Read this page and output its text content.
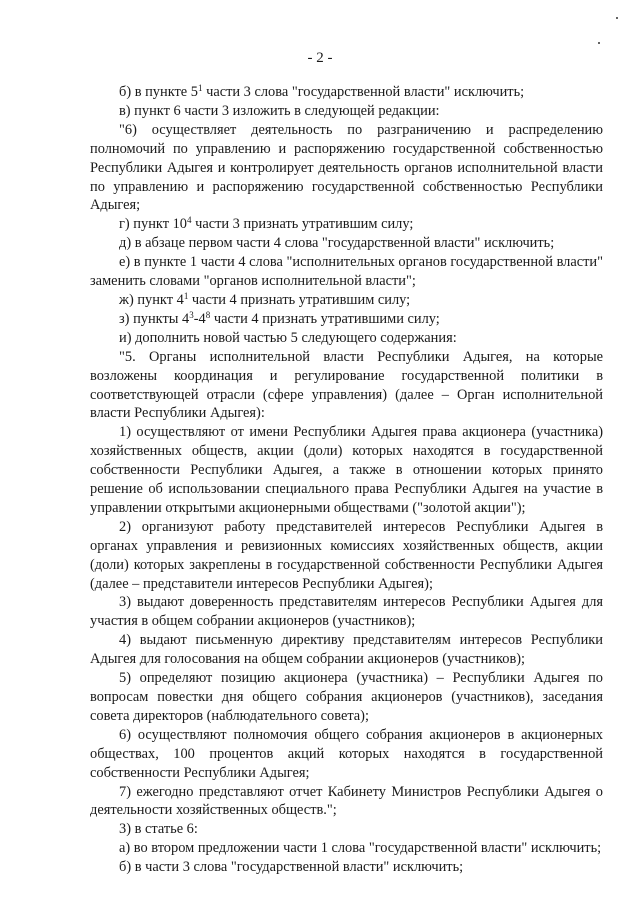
- 2 -

б) в пункте $5^1$ части 3 слова "государственной власти" исключить;

в) пункт 6 части 3 изложить в следующей редакции:

"6) осуществляет деятельность по разграничению и распределению полномочий по управлению и распоряжению государственной собственностью Республики Адыгея и контролирует деятельность органов исполнительной власти по управлению и распоряжению государственной собственностью Республики Адыгея;

г) пункт $10^4$ части 3 признать утратившим силу;

д) в абзаце первом части 4 слова "государственной власти" исключить;

е) в пункте 1 части 4 слова "исполнительных органов государственной власти" заменить словами "органов исполнительной власти";

ж) пункт $4^1$ части 4 признать утратившим силу;

з) пункты $4^3-4^8$ части 4 признать утратившими силу;

и) дополнить новой частью 5 следующего содержания:

"5. Органы исполнительной власти Республики Адыгея, на которые возложены координация и регулирование государственной политики в соответствующей отрасли (сфере управления) (далее – Орган исполнительной власти Республики Адыгея):

1) осуществляют от имени Республики Адыгея права акционера (участника) хозяйственных обществ, акции (доли) которых находятся в государственной собственности Республики Адыгея, а также в отношении которых принято решение об использовании специального права Республики Адыгея на участие в управлении открытыми акционерными обществами ("золотой акции");

2) организуют работу представителей интересов Республики Адыгея в органах управления и ревизионных комиссиях хозяйственных обществ, акции (доли) которых закреплены в государственной собственности Республики Адыгея (далее – представители интересов Республики Адыгея);

3) выдают доверенность представителям интересов Республики Адыгея для участия в общем собрании акционеров (участников);

4) выдают письменную директиву представителям интересов Республики Адыгея для голосования на общем собрании акционеров (участников);

5) определяют позицию акционера (участника) – Республики Адыгея по вопросам повестки дня общего собрания акционеров (участников), заседания совета директоров (наблюдательного совета);

6) осуществляют полномочия общего собрания акционеров в акционерных обществах, 100 процентов акций которых находятся в государственной собственности Республики Адыгея;

7) ежегодно представляют отчет Кабинету Министров Республики Адыгея о деятельности хозяйственных обществ.";

3) в статье 6:

а) во втором предложении части 1 слова "государственной власти" исключить;

б) в части 3 слова "государственной власти" исключить;
